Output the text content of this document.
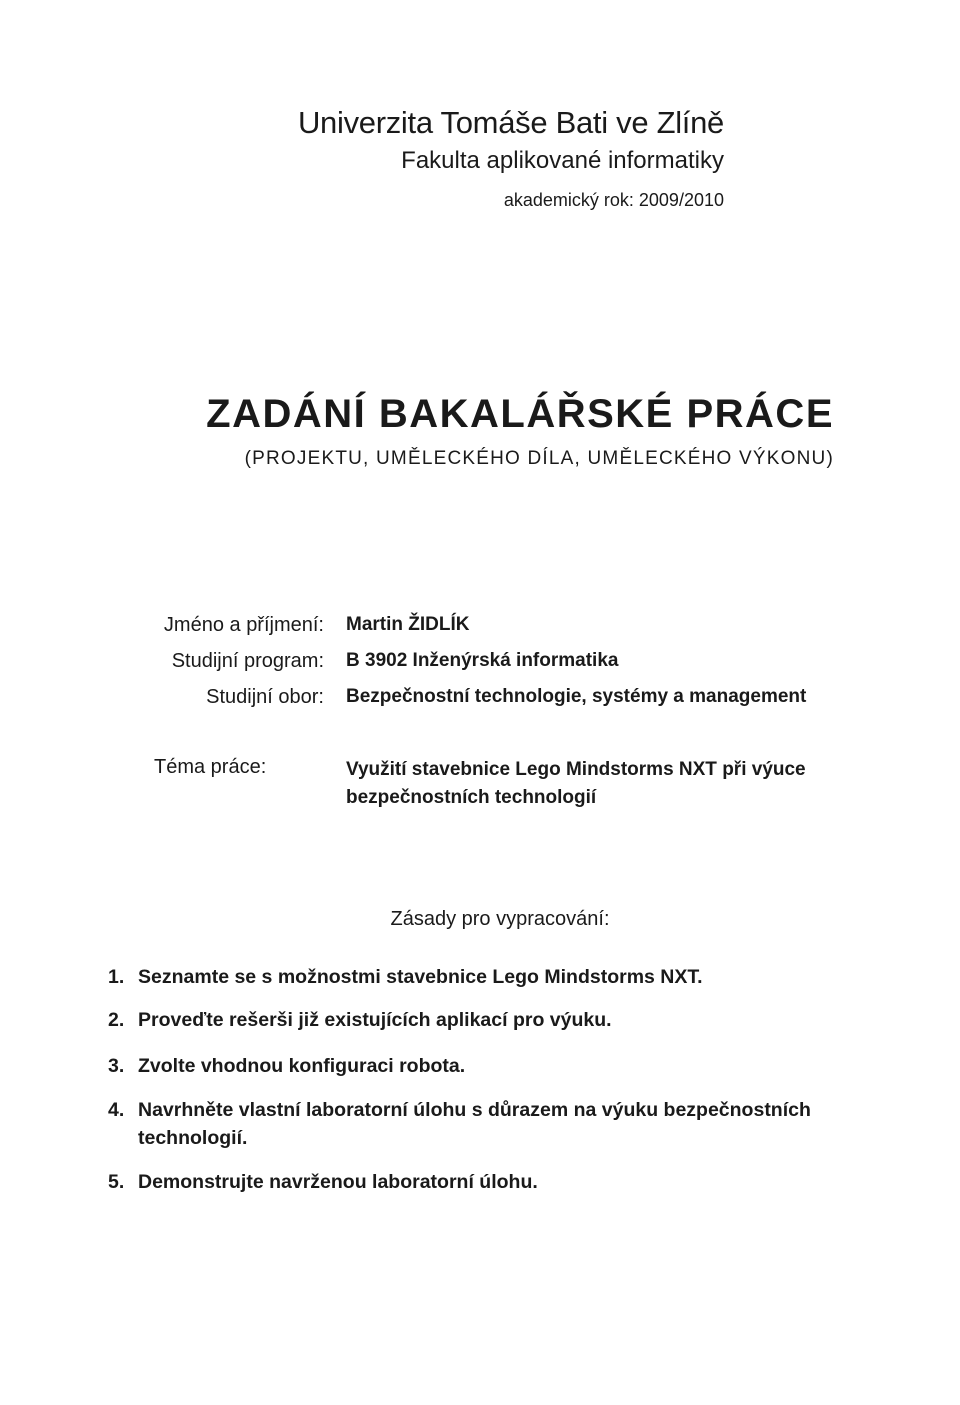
Univerzita Tomáše Bati ve Zlíně
Fakulta aplikované informatiky
akademický rok: 2009/2010
ZADÁNÍ BAKALÁŘSKÉ PRÁCE
(PROJEKTU, UMĚLECKÉHO DÍLA, UMĚLECKÉHO VÝKONU)
Jméno a příjmení: Martin ŽIDLÍK
Studijní program: B 3902 Inženýrská informatika
Studijní obor: Bezpečnostní technologie, systémy a management
Téma práce:	Využití stavebnice Lego Mindstorms NXT při výuce bezpečnostních technologií
Zásady pro vypracování:
1. Seznamte se s možnostmi stavebnice Lego Mindstorms NXT.
2. Proveďte rešerši již existujících aplikací pro výuku.
3. Zvolte vhodnou konfiguraci robota.
4. Navrhněte vlastní laboratorní úlohu s důrazem na výuku bezpečnostních technologií.
5. Demonstrujte navrženou laboratorní úlohu.
